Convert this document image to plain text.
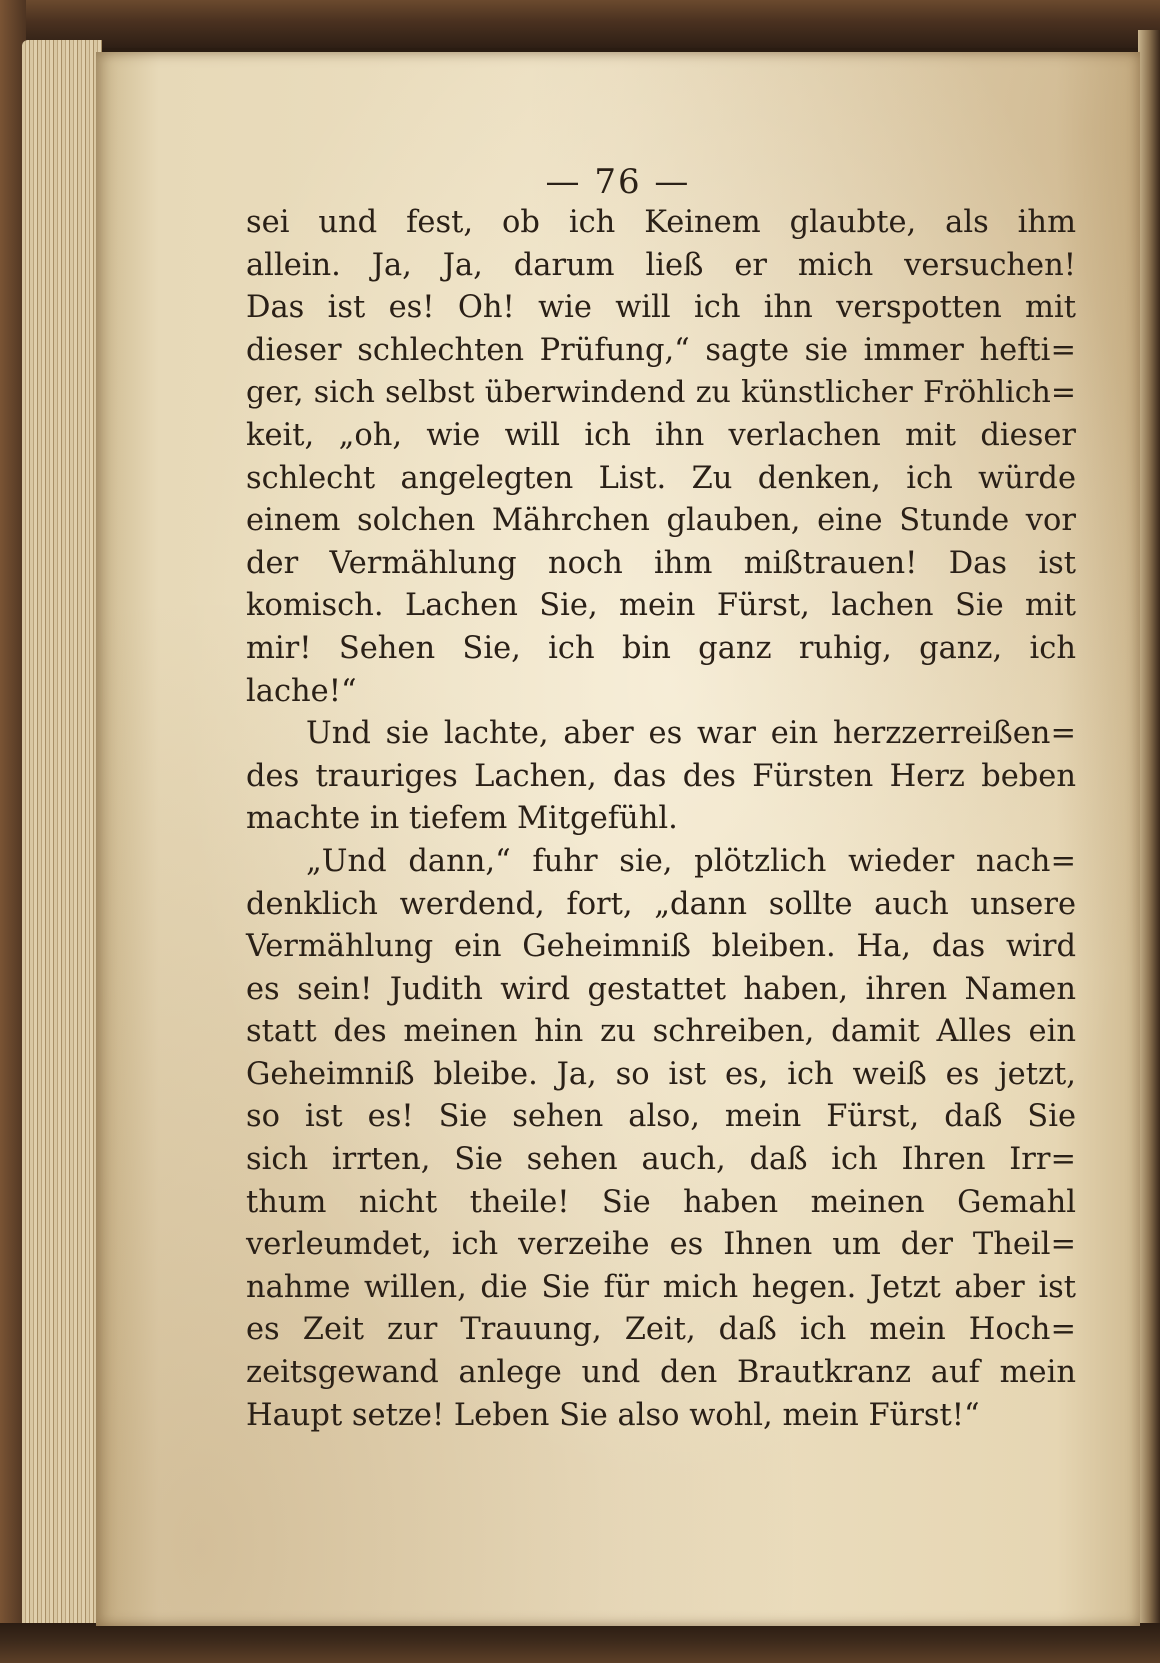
— 76 —
sei und fest, ob ich Keinem glaubte, als ihm
allein. Ja, Ja, darum ließ er mich versuchen!
Das ist es! Oh! wie will ich ihn verspotten mit
dieser schlechten Prüfung,“ sagte sie immer hefti=
ger, sich selbst überwindend zu künstlicher Fröhlich=
keit, „oh, wie will ich ihn verlachen mit dieser
schlecht angelegten List. Zu denken, ich würde
einem solchen Mährchen glauben, eine Stunde vor
der Vermählung noch ihm mißtrauen! Das ist
komisch. Lachen Sie, mein Fürst, lachen Sie mit
mir! Sehen Sie, ich bin ganz ruhig, ganz, ich
lache!“
Und sie lachte, aber es war ein herzzerreißen=
des trauriges Lachen, das des Fürsten Herz beben
machte in tiefem Mitgefühl.
„Und dann,“ fuhr sie, plötzlich wieder nach=
denklich werdend, fort, „dann sollte auch unsere
Vermählung ein Geheimniß bleiben. Ha, das wird
es sein! Judith wird gestattet haben, ihren Namen
statt des meinen hin zu schreiben, damit Alles ein
Geheimniß bleibe. Ja, so ist es, ich weiß es jetzt,
so ist es! Sie sehen also, mein Fürst, daß Sie
sich irrten, Sie sehen auch, daß ich Ihren Irr=
thum nicht theile! Sie haben meinen Gemahl
verleumdet, ich verzeihe es Ihnen um der Theil=
nahme willen, die Sie für mich hegen. Jetzt aber ist
es Zeit zur Trauung, Zeit, daß ich mein Hoch=
zeitsgewand anlege und den Brautkranz auf mein
Haupt setze! Leben Sie also wohl, mein Fürst!“
